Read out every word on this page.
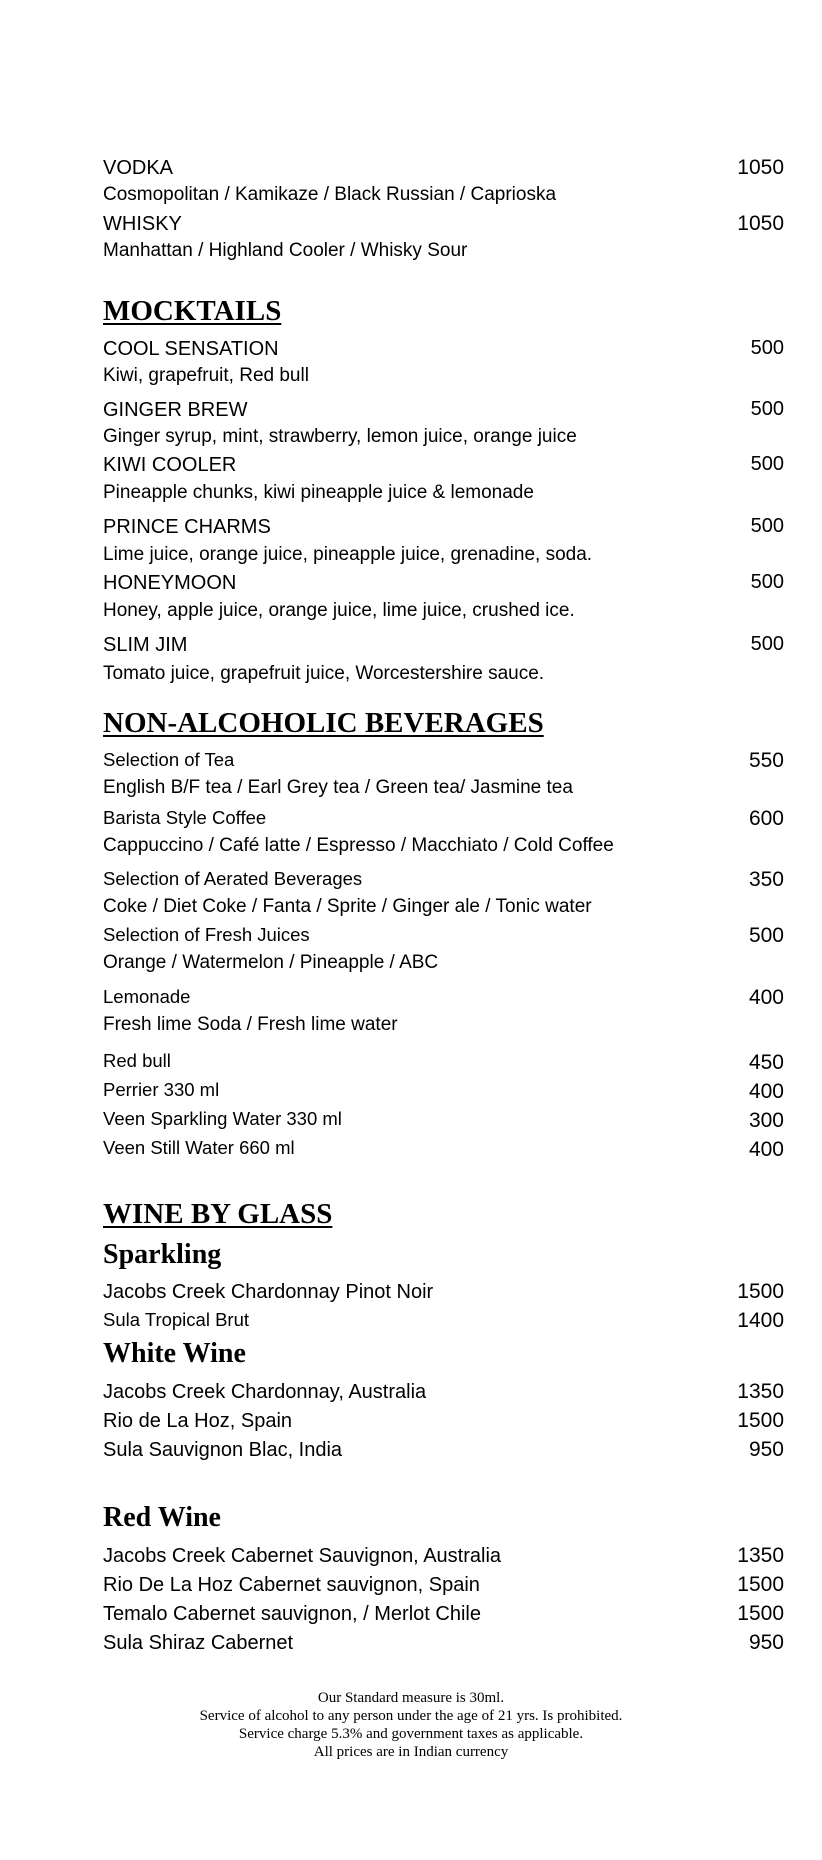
VODKA	1050
Cosmopolitan / Kamikaze / Black Russian / Caprioska
WHISKY	1050
Manhattan / Highland Cooler / Whisky Sour
MOCKTAILS
COOL SENSATION	500
Kiwi, grapefruit, Red bull
GINGER BREW	500
Ginger syrup, mint, strawberry, lemon juice, orange juice
KIWI COOLER	500
Pineapple chunks, kiwi pineapple juice & lemonade
PRINCE CHARMS	500
Lime juice, orange juice, pineapple juice, grenadine, soda.
HONEYMOON	500
Honey, apple juice, orange juice, lime juice, crushed ice.
SLIM JIM	500
Tomato juice, grapefruit juice, Worcestershire sauce.
NON-ALCOHOLIC BEVERAGES
Selection of Tea	550
English B/F tea / Earl Grey tea / Green tea/ Jasmine tea
Barista Style Coffee	600
Cappuccino / Café latte / Espresso / Macchiato / Cold Coffee
Selection of Aerated Beverages	350
Coke / Diet Coke / Fanta / Sprite / Ginger ale / Tonic water
Selection of Fresh Juices	500
Orange / Watermelon / Pineapple / ABC
Lemonade	400
Fresh lime Soda / Fresh lime water
Red bull	450
Perrier 330 ml	400
Veen Sparkling Water 330 ml	300
Veen Still Water 660 ml	400
WINE BY GLASS
Sparkling
Jacobs Creek Chardonnay Pinot Noir	1500
Sula Tropical Brut	1400
White Wine
Jacobs Creek Chardonnay, Australia	1350
Rio de La Hoz, Spain	1500
Sula Sauvignon Blac, India	950
Red Wine
Jacobs Creek Cabernet Sauvignon, Australia	1350
Rio De La Hoz Cabernet sauvignon, Spain	1500
Temalo Cabernet sauvignon, / Merlot Chile	1500
Sula Shiraz Cabernet	950
Our Standard measure is 30ml.
Service of alcohol to any person under the age of 21 yrs. Is prohibited.
Service charge 5.3% and government taxes as applicable.
All prices are in Indian currency
